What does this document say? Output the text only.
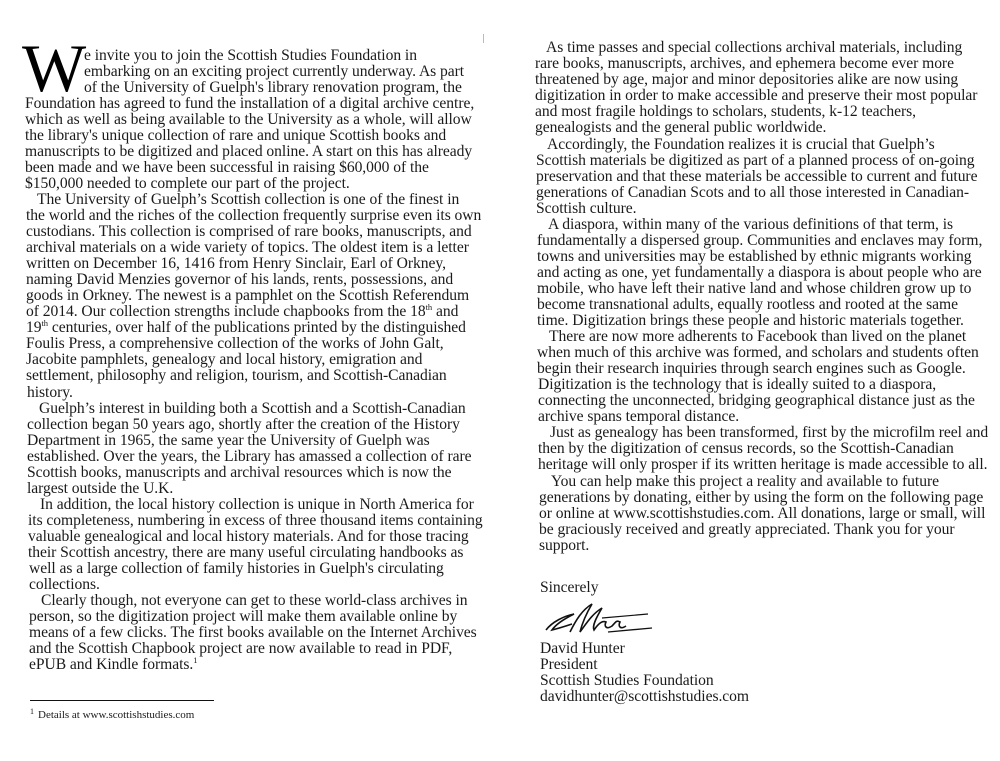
W
e invite you to join the Scottish Studies Foundation in
embarking on an exciting project currently underway. As part
of the University of Guelph's library renovation program, the
Foundation has agreed to fund the installation of a digital archive centre,
which as well as being available to the University as a whole, will allow
the library's unique collection of rare and unique Scottish books and
manuscripts to be digitized and placed online. A start on this has already
been made and we have been successful in raising $60,000 of the
$150,000 needed to complete our part of the project.
The University of Guelph’s Scottish collection is one of the finest in
the world and the riches of the collection frequently surprise even its own
custodians. This collection is comprised of rare books, manuscripts, and
archival materials on a wide variety of topics. The oldest item is a letter
written on December 16, 1416 from Henry Sinclair, Earl of Orkney,
naming David Menzies governor of his lands, rents, possessions, and
goods in Orkney. The newest is a pamphlet on the Scottish Referendum
of 2014. Our collection strengths include chapbooks from the 18th and
19th centuries, over half of the publications printed by the distinguished
Foulis Press, a comprehensive collection of the works of John Galt,
Jacobite pamphlets, genealogy and local history, emigration and
settlement, philosophy and religion, tourism, and Scottish-Canadian
history.
Guelph’s interest in building both a Scottish and a Scottish-Canadian
collection began 50 years ago, shortly after the creation of the History
Department in 1965, the same year the University of Guelph was
established. Over the years, the Library has amassed a collection of rare
Scottish books, manuscripts and archival resources which is now the
largest outside the U.K.
In addition, the local history collection is unique in North America for
its completeness, numbering in excess of three thousand items containing
valuable genealogical and local history materials. And for those tracing
their Scottish ancestry, there are many useful circulating handbooks as
well as a large collection of family histories in Guelph's circulating
collections.
Clearly though, not everyone can get to these world-class archives in
person, so the digitization project will make them available online by
means of a few clicks. The first books available on the Internet Archives
and the Scottish Chapbook project are now available to read in PDF,
ePUB and Kindle formats.$^1$
$^1$ Details at www.scottishstudies.com
As time passes and special collections archival materials, including
rare books, manuscripts, archives, and ephemera become ever more
threatened by age, major and minor depositories alike are now using
digitization in order to make accessible and preserve their most popular
and most fragile holdings to scholars, students, k-12 teachers,
genealogists and the general public worldwide.
Accordingly, the Foundation realizes it is crucial that Guelph’s
Scottish materials be digitized as part of a planned process of on-going
preservation and that these materials be accessible to current and future
generations of Canadian Scots and to all those interested in Canadian-
Scottish culture.
A diaspora, within many of the various definitions of that term, is
fundamentally a dispersed group. Communities and enclaves may form,
towns and universities may be established by ethnic migrants working
and acting as one, yet fundamentally a diaspora is about people who are
mobile, who have left their native land and whose children grow up to
become transnational adults, equally rootless and rooted at the same
time. Digitization brings these people and historic materials together.
There are now more adherents to Facebook than lived on the planet
when much of this archive was formed, and scholars and students often
begin their research inquiries through search engines such as Google.
Digitization is the technology that is ideally suited to a diaspora,
connecting the unconnected, bridging geographical distance just as the
archive spans temporal distance.
Just as genealogy has been transformed, first by the microfilm reel and
then by the digitization of census records, so the Scottish-Canadian
heritage will only prosper if its written heritage is made accessible to all.
You can help make this project a reality and available to future
generations by donating, either by using the form on the following page
or online at www.scottishstudies.com. All donations, large or small, will
be graciously received and greatly appreciated. Thank you for your
support.
Sincerely
David Hunter
President
Scottish Studies Foundation
davidhunter@scottishstudies.com
